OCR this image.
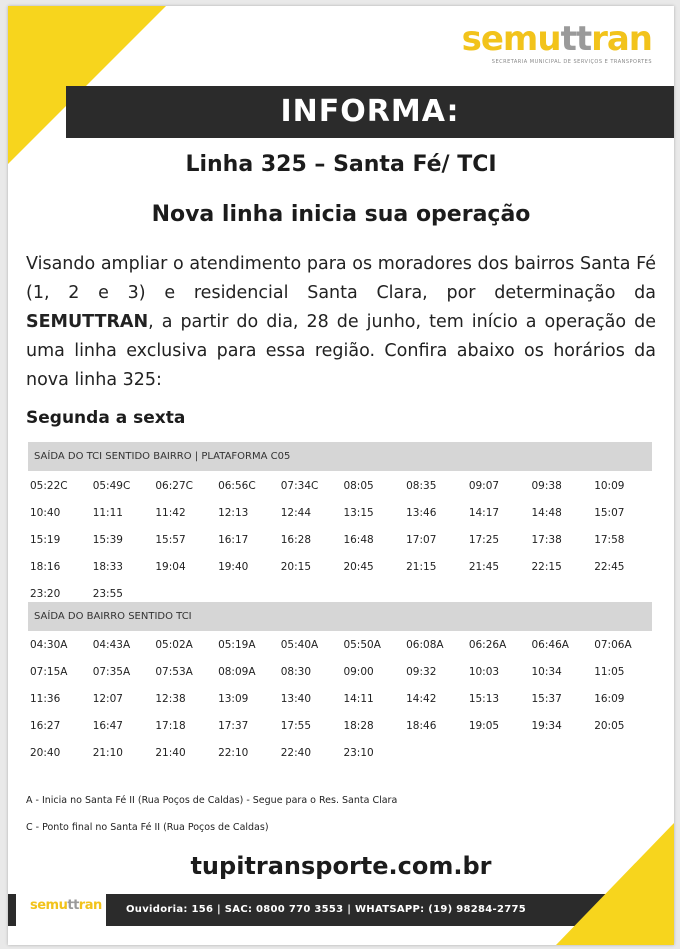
semuttran
SECRETARIA MUNICIPAL DE SERVIÇOS E TRANSPORTES
INFORMA:
Linha 325 – Santa Fé/ TCI
Nova linha inicia sua operação

Visando ampliar o atendimento para os moradores dos bairros Santa Fé (1, 2 e 3) e residencial Santa Clara, por determinação da SEMUTTRAN, a partir do dia, 28 de junho, tem início a operação de uma linha exclusiva para essa região. Confira abaixo os horários da nova linha 325:

Segunda a sexta
SAÍDA DO TCI SENTIDO BAIRRO | PLATAFORMA C05
05:22C	05:49C	06:27C	06:56C	07:34C	08:05	08:35	09:07	09:38	10:09
10:40	11:11	11:42	12:13	12:44	13:15	13:46	14:17	14:48	15:07
15:19	15:39	15:57	16:17	16:28	16:48	17:07	17:25	17:38	17:58
18:16	18:33	19:04	19:40	20:15	20:45	21:15	21:45	22:15	22:45
23:20	23:55
SAÍDA DO BAIRRO SENTIDO TCI
04:30A	04:43A	05:02A	05:19A	05:40A	05:50A	06:08A	06:26A	06:46A	07:06A
07:15A	07:35A	07:53A	08:09A	08:30	09:00	09:32	10:03	10:34	11:05
11:36	12:07	12:38	13:09	13:40	14:11	14:42	15:13	15:37	16:09
16:27	16:47	17:18	17:37	17:55	18:28	18:46	19:05	19:34	20:05
20:40	21:10	21:40	22:10	22:40	23:10
A - Inicia no Santa Fé II (Rua Poços de Caldas) - Segue para o Res. Santa Clara
C - Ponto final no Santa Fé II (Rua Poços de Caldas)
tupitransporte.com.br
semuttran	Ouvidoria: 156 | SAC: 0800 770 3553 | WHATSAPP: (19) 98284-2775
